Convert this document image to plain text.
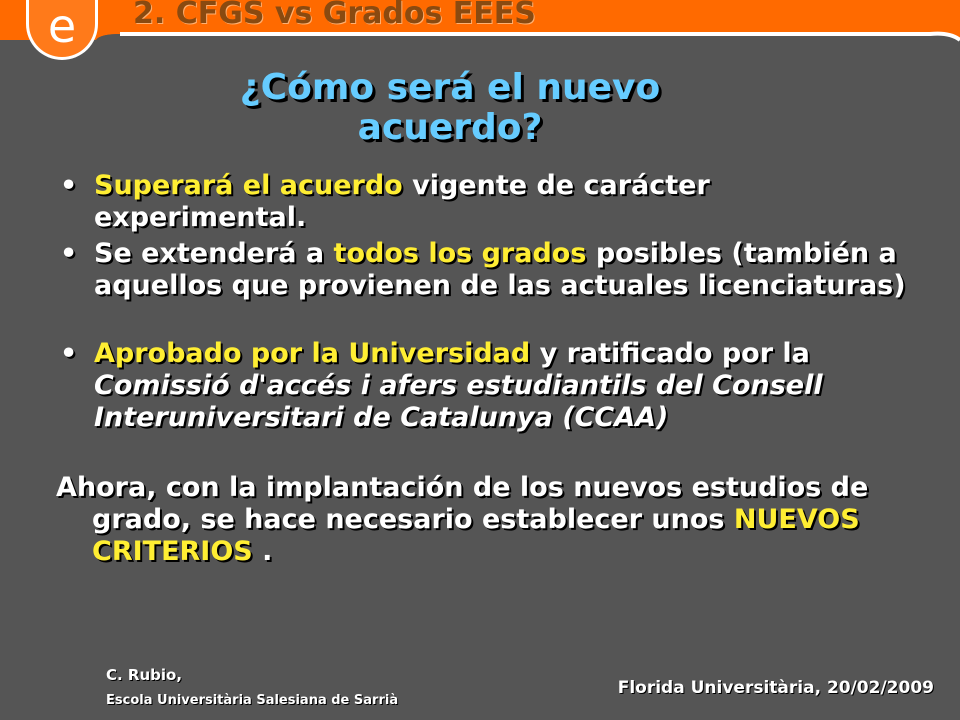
e 2. CFGS vs Grados EEES
¿Cómo será el nuevo
acuerdo?
• Superará el acuerdo vigente de carácter experimental.
• Se extenderá a todos los grados posibles (también a aquellos que provienen de las actuales licenciaturas)
• Aprobado por la Universidad y ratificado por la Comissió d'accés i afers estudiantils del Consell Interuniversitari de Catalunya (CCAA)
Ahora, con la implantación de los nuevos estudios de grado, se hace necesario establecer unos NUEVOS CRITERIOS .
C. Rubio,
Escola Universitària Salesiana de Sarrià
Florida Universitària, 20/02/2009
